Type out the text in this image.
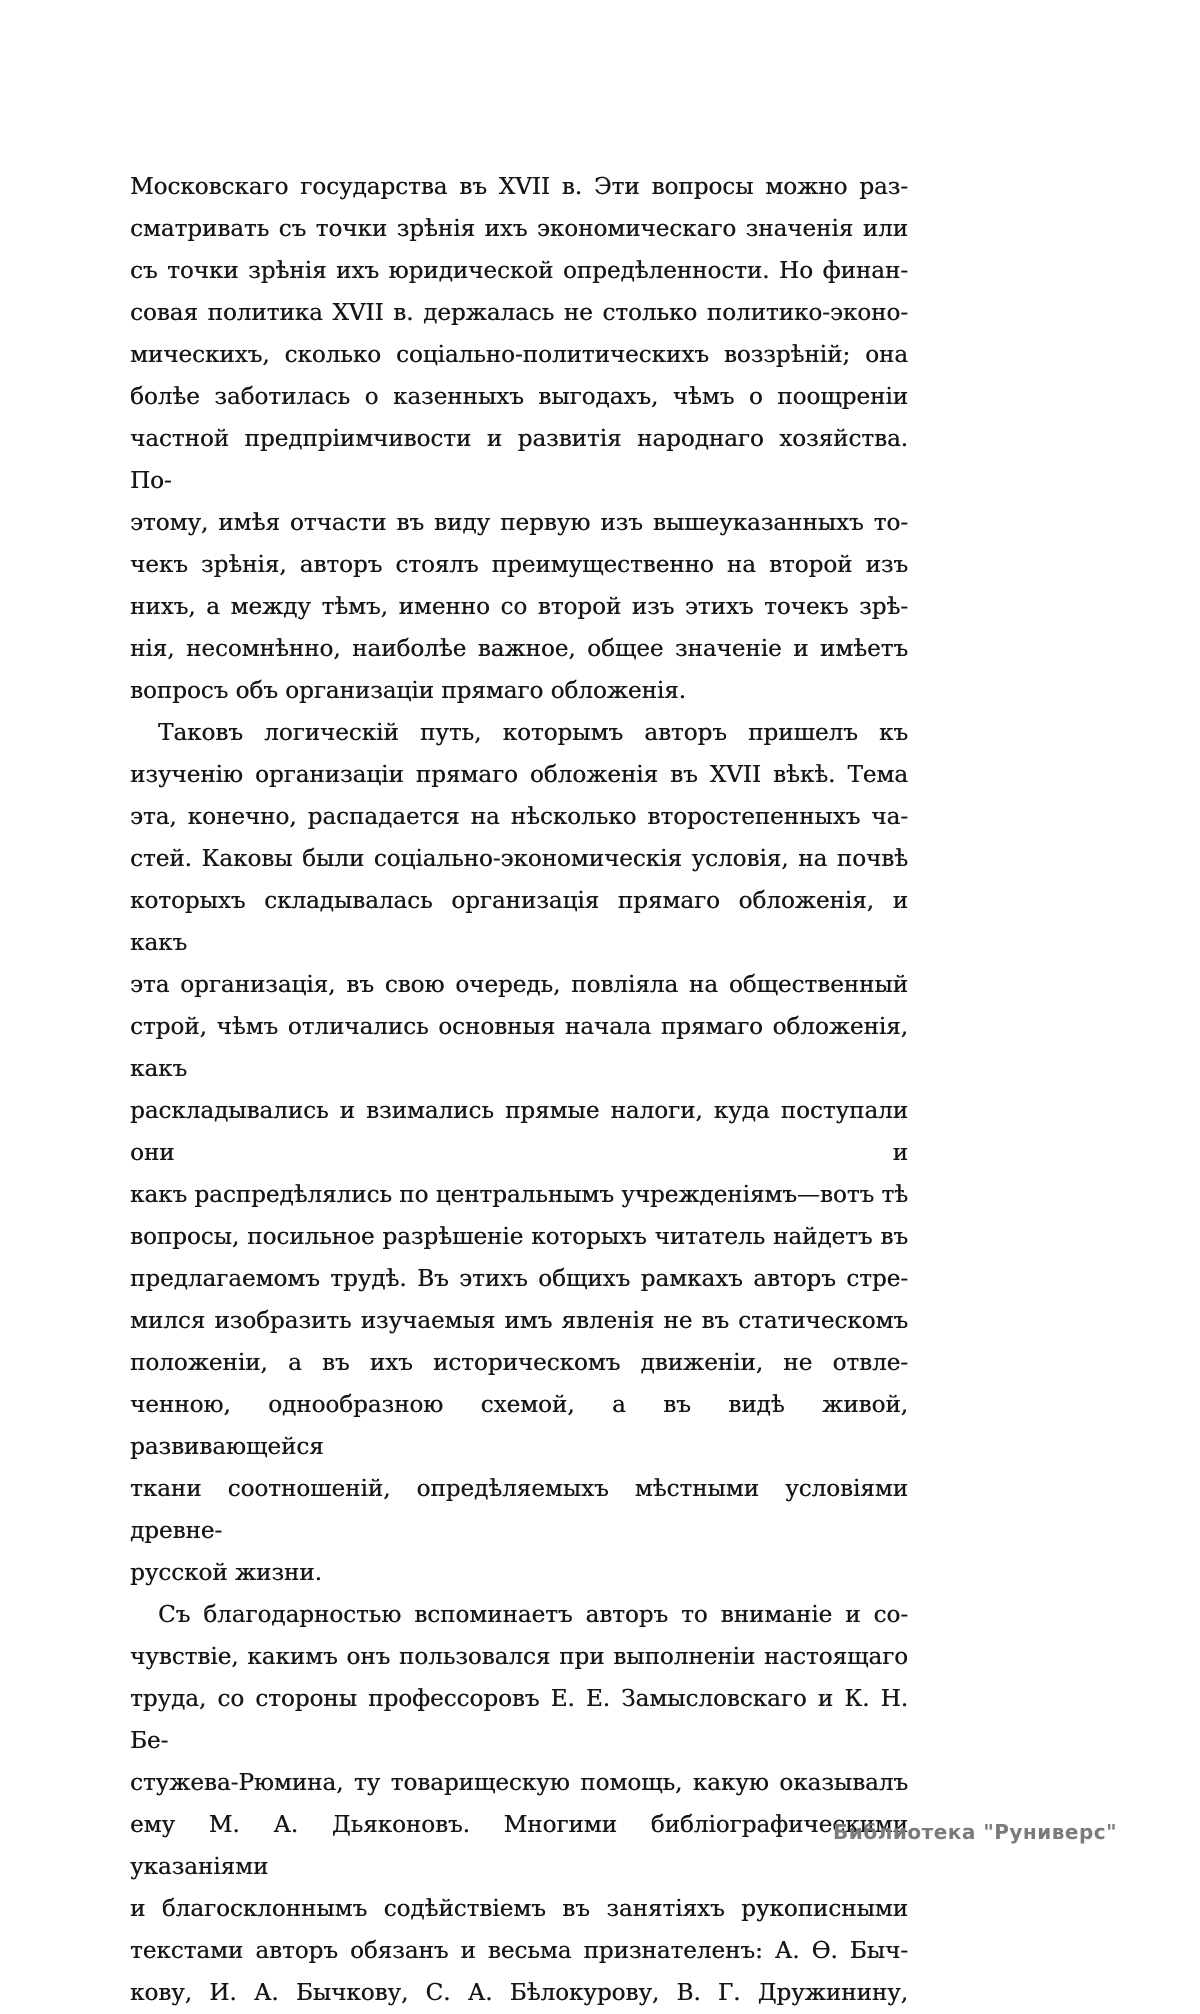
Московскаго государства въ XVII в. Эти вопросы можно раз-
сматривать съ точки зрѣнія ихъ экономическаго значенія или
съ точки зрѣнія ихъ юридической опредѣленности. Но финан-
совая политика XVII в. держалась не столько политико-эконо-
мическихъ, сколько соціально-политическихъ воззрѣній; она
болѣе заботилась о казенныхъ выгодахъ, чѣмъ о поощреніи
частной предпріимчивости и развитія народнаго хозяйства. По-
этому, имѣя отчасти въ виду первую изъ вышеуказанныхъ то-
чекъ зрѣнія, авторъ стоялъ преимущественно на второй изъ
нихъ, а между тѣмъ, именно со второй изъ этихъ точекъ зрѣ-
нія, несомнѣнно, наиболѣе важное, общее значеніе и имѣетъ
вопросъ объ организаціи прямаго обложенія.
Таковъ логическій путь, которымъ авторъ пришелъ къ
изученію организаціи прямаго обложенія въ XVII вѣкѣ. Тема
эта, конечно, распадается на нѣсколько второстепенныхъ ча-
стей. Каковы были соціально-экономическія условія, на почвѣ
которыхъ складывалась организація прямаго обложенія, и какъ
эта организація, въ свою очередь, повліяла на общественный
строй, чѣмъ отличались основныя начала прямаго обложенія, какъ
раскладывались и взимались прямые налоги, куда поступали они и
какъ распредѣлялись по центральнымъ учрежденіямъ—вотъ тѣ
вопросы, посильное разрѣшеніе которыхъ читатель найдетъ въ
предлагаемомъ трудѣ. Въ этихъ общихъ рамкахъ авторъ стре-
мился изобразить изучаемыя имъ явленія не въ статическомъ
положеніи, а въ ихъ историческомъ движеніи, не отвле-
ченною, однообразною схемой, а въ видѣ живой, развивающейся
ткани соотношеній, опредѣляемыхъ мѣстными условіями древне-
русской жизни.
Съ благодарностью вспоминаетъ авторъ то вниманіе и со-
чувствіе, какимъ онъ пользовался при выполненіи настоящаго
труда, со стороны профессоровъ Е. Е. Замысловскаго и К. Н. Бе-
стужева-Рюмина, ту товарищескую помощь, какую оказывалъ
ему М. А. Дьяконовъ. Многими библіографическими указаніями
и благосклоннымъ содѣйствіемъ въ занятіяхъ рукописными
текстами авторъ обязанъ и весьма признателенъ: А. Ѳ. Быч-
кову, И. А. Бычкову, С. А. Бѣлокурову, В. Г. Дружинину,
Библиотека "Руниверс"
